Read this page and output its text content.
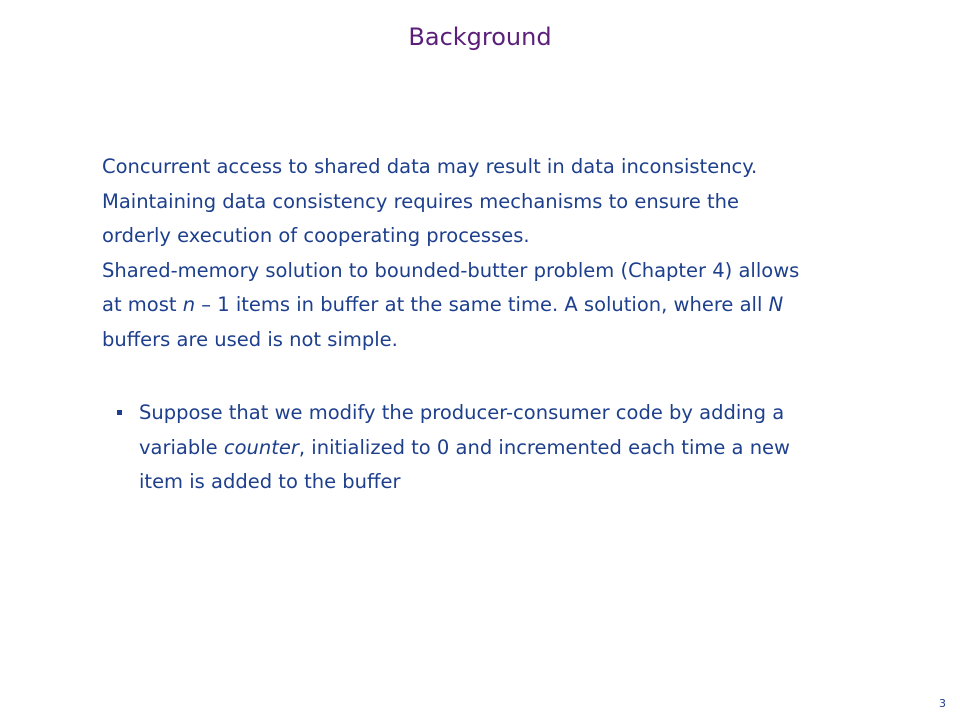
Background

Concurrent access to shared data may result in data inconsistency.

Maintaining data consistency requires mechanisms to ensure the

orderly execution of cooperating processes.

Shared-memory solution to bounded-butter problem (Chapter 4) allows

at most n – 1 items in buffer at the same time. A solution, where all N

buffers are used is not simple.

Suppose that we modify the producer-consumer code by adding a
variable counter, initialized to 0 and incremented each time a new
item is added to the buffer
3
